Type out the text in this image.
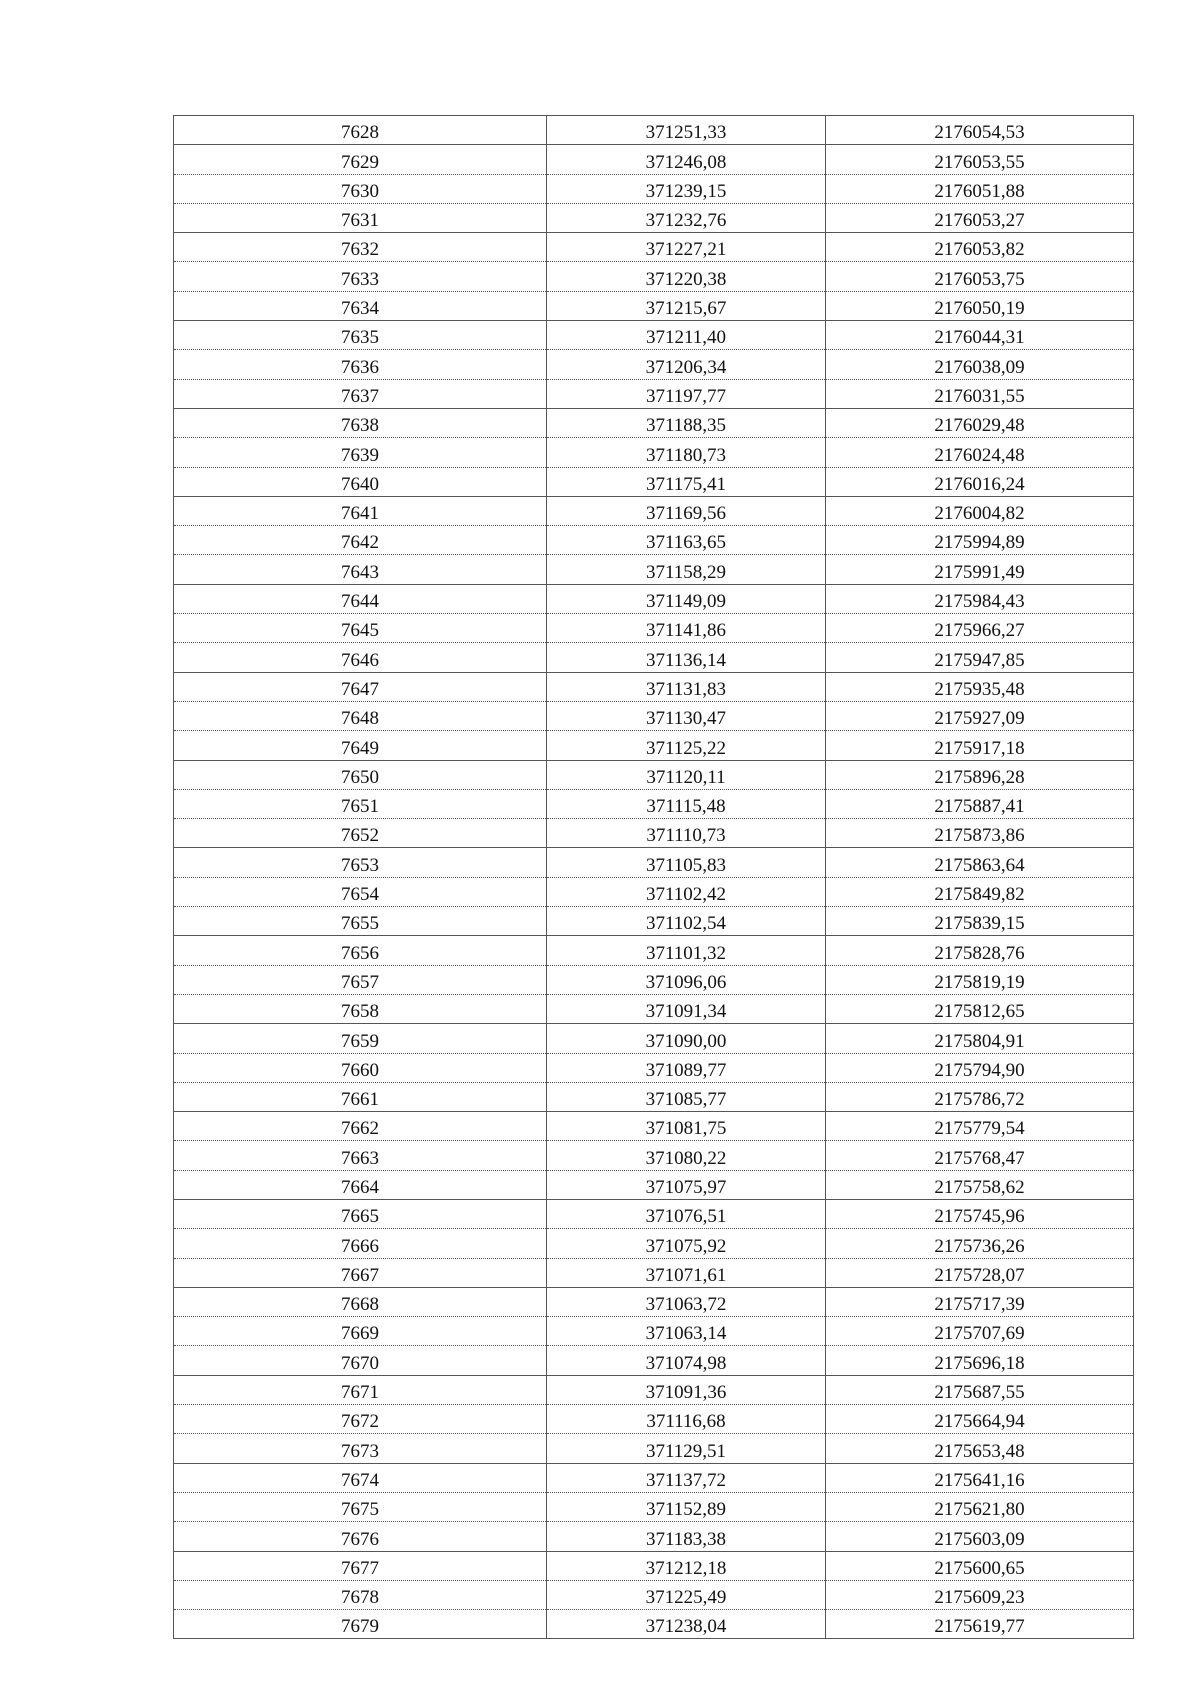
7628	371251,33	2176054,53
7629	371246,08	2176053,55
7630	371239,15	2176051,88
7631	371232,76	2176053,27
7632	371227,21	2176053,82
7633	371220,38	2176053,75
7634	371215,67	2176050,19
7635	371211,40	2176044,31
7636	371206,34	2176038,09
7637	371197,77	2176031,55
7638	371188,35	2176029,48
7639	371180,73	2176024,48
7640	371175,41	2176016,24
7641	371169,56	2176004,82
7642	371163,65	2175994,89
7643	371158,29	2175991,49
7644	371149,09	2175984,43
7645	371141,86	2175966,27
7646	371136,14	2175947,85
7647	371131,83	2175935,48
7648	371130,47	2175927,09
7649	371125,22	2175917,18
7650	371120,11	2175896,28
7651	371115,48	2175887,41
7652	371110,73	2175873,86
7653	371105,83	2175863,64
7654	371102,42	2175849,82
7655	371102,54	2175839,15
7656	371101,32	2175828,76
7657	371096,06	2175819,19
7658	371091,34	2175812,65
7659	371090,00	2175804,91
7660	371089,77	2175794,90
7661	371085,77	2175786,72
7662	371081,75	2175779,54
7663	371080,22	2175768,47
7664	371075,97	2175758,62
7665	371076,51	2175745,96
7666	371075,92	2175736,26
7667	371071,61	2175728,07
7668	371063,72	2175717,39
7669	371063,14	2175707,69
7670	371074,98	2175696,18
7671	371091,36	2175687,55
7672	371116,68	2175664,94
7673	371129,51	2175653,48
7674	371137,72	2175641,16
7675	371152,89	2175621,80
7676	371183,38	2175603,09
7677	371212,18	2175600,65
7678	371225,49	2175609,23
7679	371238,04	2175619,77
